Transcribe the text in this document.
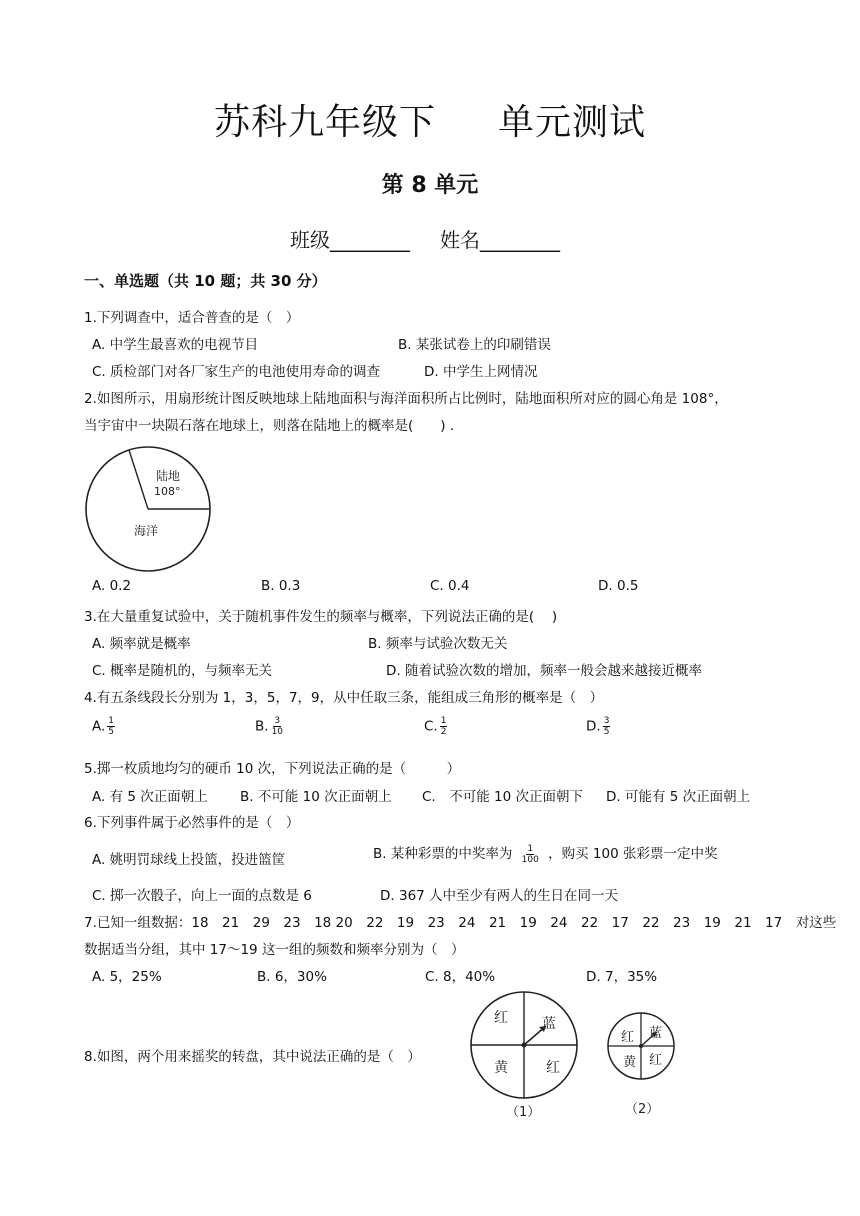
苏科九年级下 单元测试
第 8 单元
班级________ 姓名________
一、单选题（共 10 题；共 30 分）
1.下列调查中，适合普查的是（　）
A. 中学生最喜欢的电视节目	B. 某张试卷上的印刷错误
C. 质检部门对各厂家生产的电池使用寿命的调查	D. 中学生上网情况
2.如图所示，用扇形统计图反映地球上陆地面积与海洋面积所占比例时，陆地面积所对应的圆心角是 108°，
当宇宙中一块陨石落在地球上，则落在陆地上的概率是(　　) .
陆地
108°
海洋
A. 0.2	B. 0.3	C. 0.4	D. 0.5
3.在大量重复试验中，关于随机事件发生的频率与概率，下列说法正确的是(　 )
A. 频率就是概率	B. 频率与试验次数无关
C. 概率是随机的，与频率无关	D. 随着试验次数的增加，频率一般会越来越接近概率
4.有五条线段长分别为 1，3，5，7，9，从中任取三条，能组成三角形的概率是（　）
A. $\frac{1}{5}$	B. $\frac{3}{10}$	C. $\frac{1}{2}$	D. $\frac{3}{5}$
5.掷一枚质地均匀的硬币 10 次，下列说法正确的是（　　　）
A. 有 5 次正面朝上 B. 不可能 10 次正面朝上 C.　不可能 10 次正面朝下 D. 可能有 5 次正面朝上
6.下列事件属于必然事件的是（　）
A. 姚明罚球线上投篮，投进篮筐	B. 某种彩票的中奖率为 $\frac{1}{100}$ ，购买 100 张彩票一定中奖
C. 掷一次骰子，向上一面的点数是 6	D. 367 人中至少有两人的生日在同一天
7.已知一组数据：18　21　29　23　18 20　22　19　23　24　21　19　24　22　17　22　23　19　21　17　对这些
数据适当分组，其中 17～19 这一组的频数和频率分别为（　）
A. 5，25%	B. 6，30%	C. 8，40%	D. 7，35%
8.如图，两个用来摇奖的转盘，其中说法正确的是（　）
红 蓝
黄	红
（1）
红 蓝
黄 红
（2）
